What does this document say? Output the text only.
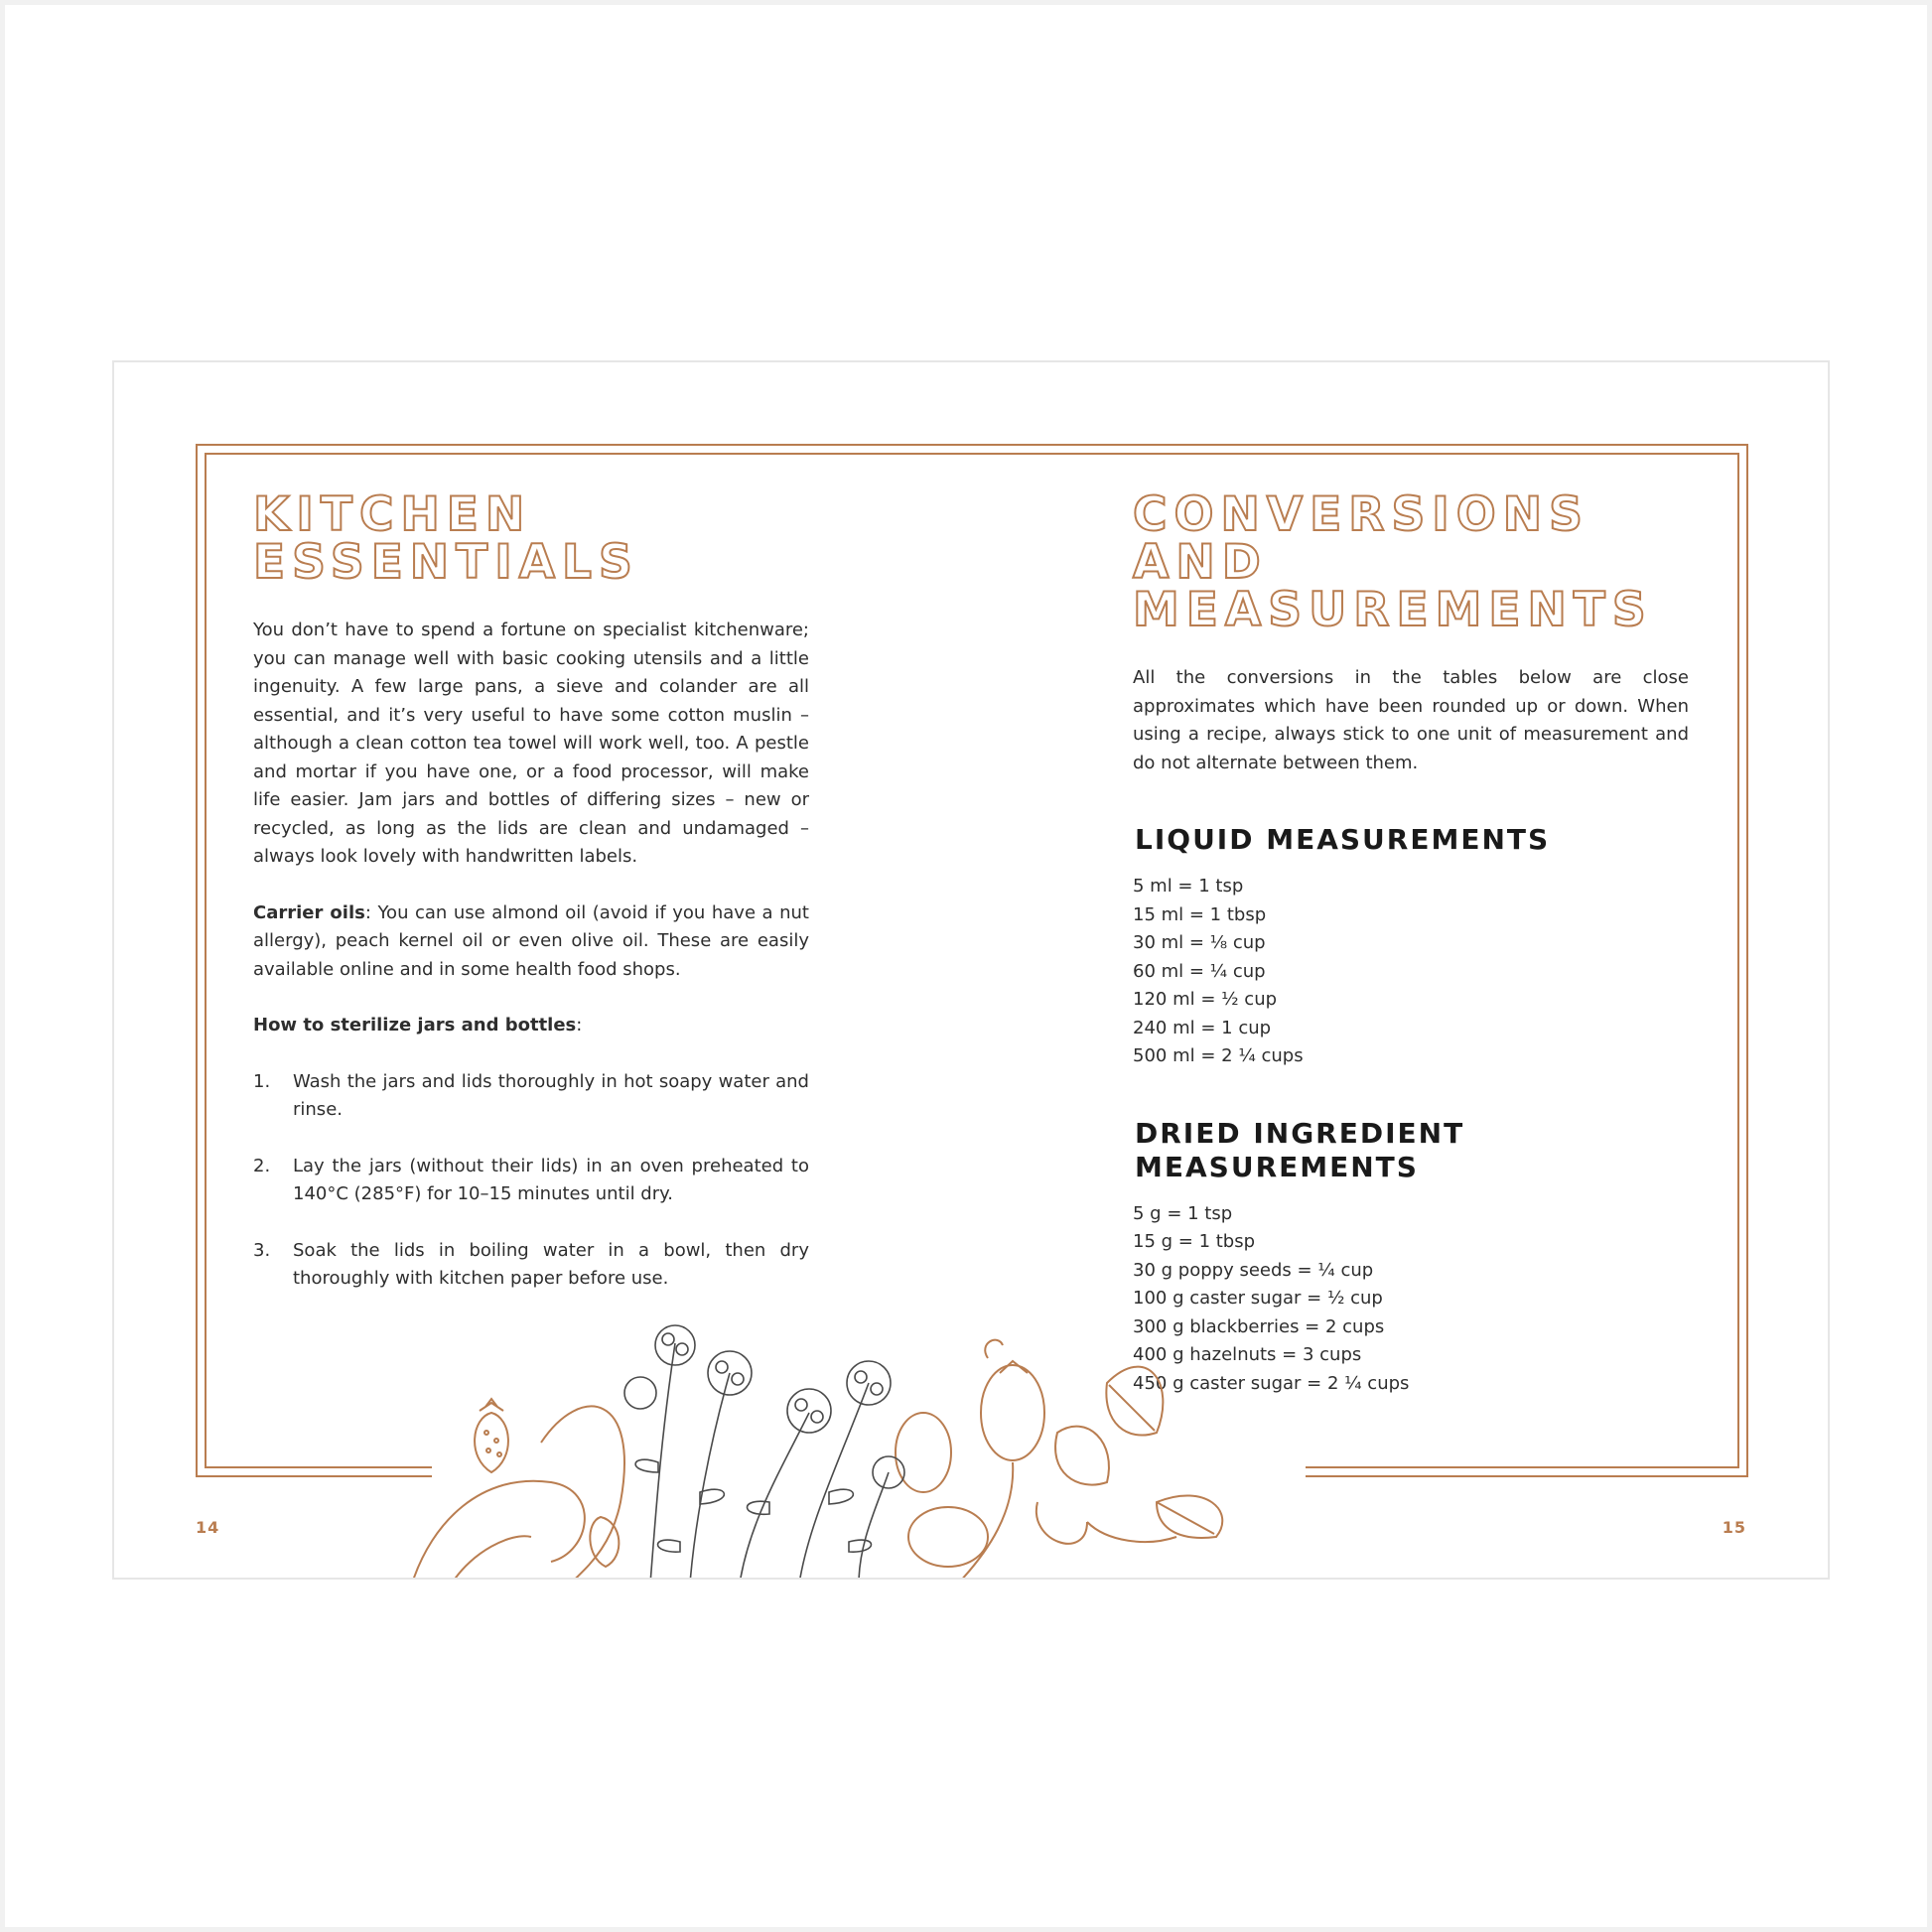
KITCHEN
ESSENTIALS

You don’t have to spend a fortune on specialist kitchenware; you can manage well with basic cooking utensils and a little ingenuity. A few large pans, a sieve and colander are all essential, and it’s very useful to have some cotton muslin – although a clean cotton tea towel will work well, too. A pestle and mortar if you have one, or a food processor, will make life easier. Jam jars and bottles of differing sizes – new or recycled, as long as the lids are clean and undamaged – always look lovely with handwritten labels.

Carrier oils: You can use almond oil (avoid if you have a nut allergy), peach kernel oil or even olive oil. These are easily available online and in some health food shops.

How to sterilize jars and bottles:

1. Wash the jars and lids thoroughly in hot soapy water and rinse.
2. Lay the jars (without their lids) in an oven preheated to 140°C (285°F) for 10–15 minutes until dry.
3. Soak the lids in boiling water in a bowl, then dry thoroughly with kitchen paper before use.
CONVERSIONS AND
MEASUREMENTS

All the conversions in the tables below are close approximates which have been rounded up or down. When using a recipe, always stick to one unit of measurement and do not alternate between them.

LIQUID MEASUREMENTS
5 ml = 1 tsp
15 ml = 1 tbsp
30 ml = ⅛ cup
60 ml = ¼ cup
120 ml = ½ cup
240 ml = 1 cup
500 ml = 2 ¼ cups
DRIED INGREDIENT
MEASUREMENTS
5 g = 1 tsp
15 g = 1 tbsp
30 g poppy seeds = ¼ cup
100 g caster sugar = ½ cup
300 g blackberries = 2 cups
400 g hazelnuts = 3 cups
450 g caster sugar = 2 ¼ cups
14	15
